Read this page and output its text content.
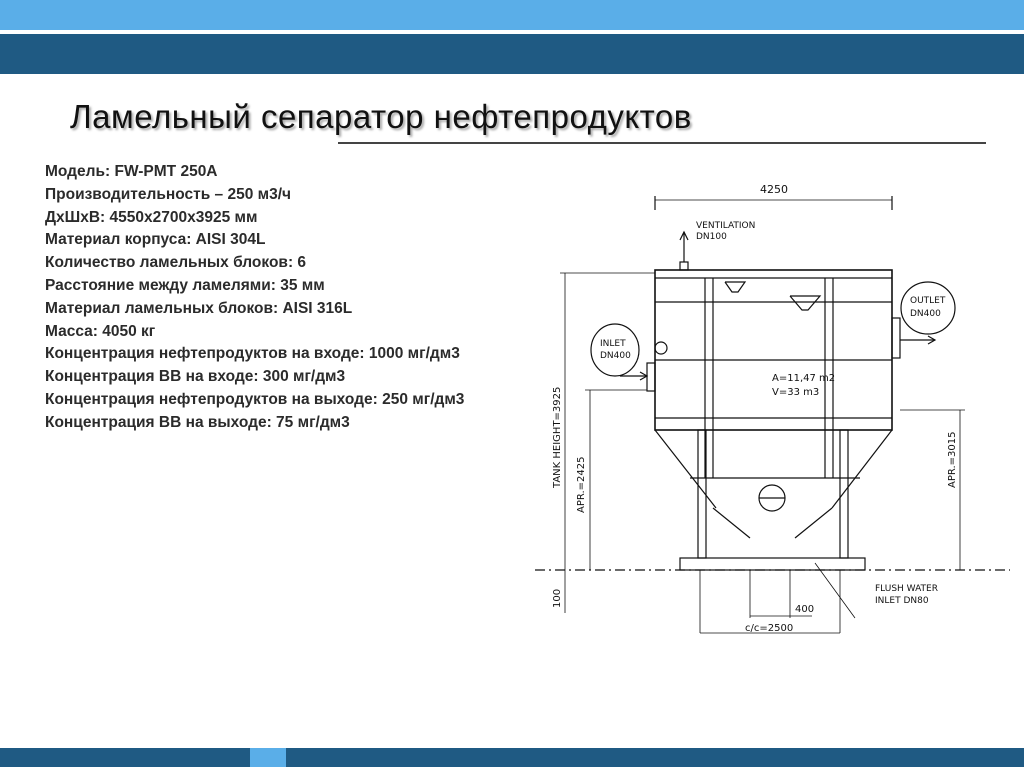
Ламельный сепаратор нефтепродуктов
Модель: FW-PMT 250A
Производительность – 250 м3/ч
ДхШхВ: 4550х2700х3925 мм
Материал корпуса: AISI 304L
Количество ламельных блоков: 6
Расстояние между ламелями: 35 мм
Материал ламельных блоков: AISI 316L
Масса: 4050 кг
Концентрация нефтепродуктов на входе: 1000 мг/дм3
Концентрация ВВ на входе: 300 мг/дм3
Концентрация нефтепродуктов на выходе: 250 мг/дм3
Концентрация ВВ на выходе: 75 мг/дм3
4250
VENTILATION
DN100
INLET
DN400
OUTLET
DN400
A=11,47 m2
V=33 m3
TANK HEIGHT=3925 APR.=2425	APR.=3015
100	FLUSH WATER
INLET DN80
400
c/c=2500
